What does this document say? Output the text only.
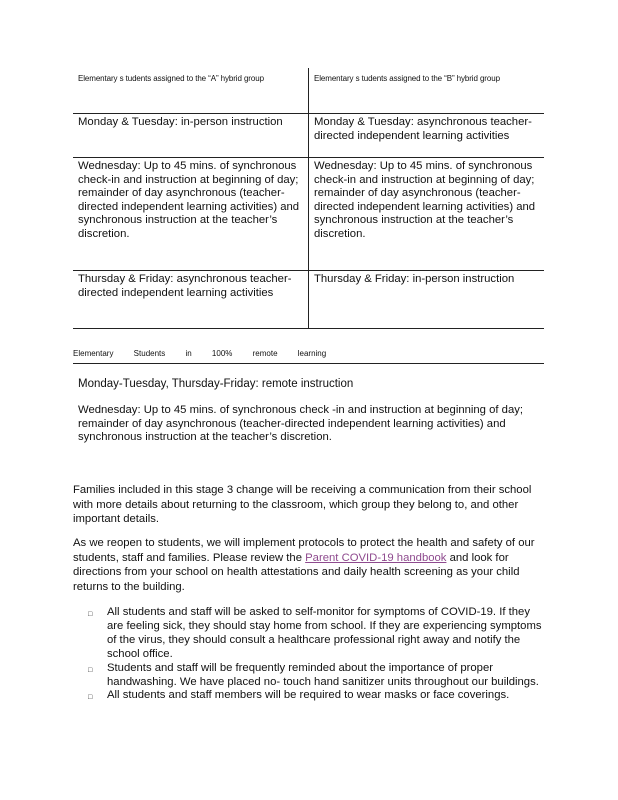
Elementary s tudents assigned to the “A” hybrid group	Elementary s tudents assigned to the “B” hybrid group
Monday & Tuesday: in-person instruction	Monday & Tuesday: asynchronous teacher-directed independent learning activities
Wednesday: Up to 45 mins. of synchronous check-in and instruction at beginning of day; remainder of day asynchronous (teacher-directed independent learning activities) and synchronous instruction at the teacher’s discretion.
Wednesday: Up to 45 mins. of synchronous check-in and instruction at beginning of day; remainder of day asynchronous (teacher-directed independent learning activities) and synchronous instruction at the teacher’s discretion.
Thursday & Friday: asynchronous teacher-directed independent learning activities
Thursday & Friday: in-person instruction
Elementary Students in 100% remote learning
Monday-Tuesday, Thursday-Friday: remote instruction
Wednesday: Up to 45 mins. of synchronous check -in and instruction at beginning of day; remainder of day asynchronous (teacher-directed independent learning activities) and synchronous instruction at the teacher’s discretion.
Families included in this stage 3 change will be receiving a communication from their school with more details about returning to the classroom, which group they belong to, and other important details.
As we reopen to students, we will implement protocols to protect the health and safety of our students, staff and families. Please review the Parent COVID-19 handbook and look for directions from your school on health attestations and daily health screening as your child returns to the building.
□ All students and staff will be asked to self-monitor for symptoms of COVID-19. If they are feeling sick, they should stay home from school. If they are experiencing symptoms of the virus, they should consult a healthcare professional right away and notify the school office.
□ Students and staff will be frequently reminded about the importance of proper handwashing. We have placed no- touch hand sanitizer units throughout our buildings.
□ All students and staff members will be required to wear masks or face coverings.
